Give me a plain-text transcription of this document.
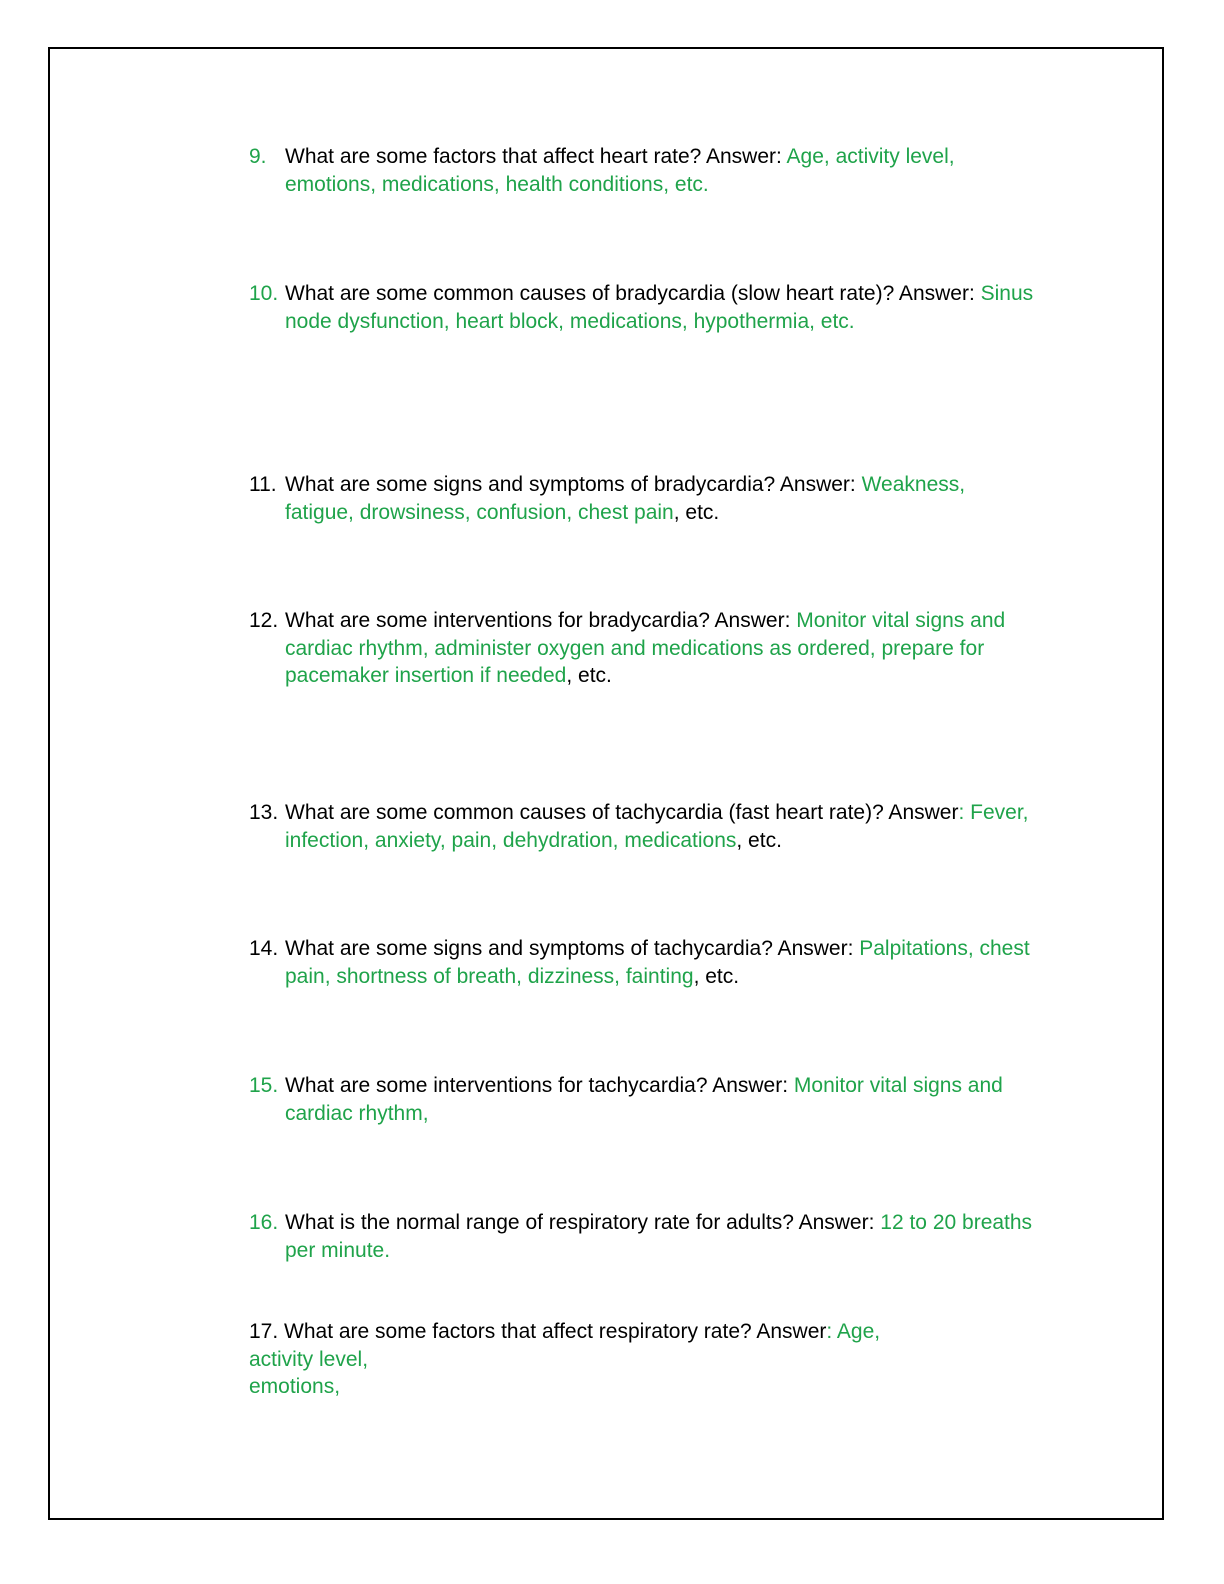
9. What are some factors that affect heart rate? Answer: Age, activity level, emotions, medications, health conditions, etc.
10. What are some common causes of bradycardia (slow heart rate)? Answer: Sinus node dysfunction, heart block, medications, hypothermia, etc.
11. What are some signs and symptoms of bradycardia? Answer: Weakness, fatigue, drowsiness, confusion, chest pain, etc.
12. What are some interventions for bradycardia? Answer: Monitor vital signs and cardiac rhythm, administer oxygen and medications as ordered, prepare for pacemaker insertion if needed, etc.
13. What are some common causes of tachycardia (fast heart rate)? Answer: Fever, infection, anxiety, pain, dehydration, medications, etc.
14. What are some signs and symptoms of tachycardia? Answer: Palpitations, chest pain, shortness of breath, dizziness, fainting, etc.
15. What are some interventions for tachycardia? Answer: Monitor vital signs and cardiac rhythm,
16. What is the normal range of respiratory rate for adults? Answer: 12 to 20 breaths per minute.
17. What are some factors that affect respiratory rate? Answer: Age,
activity level,
emotions,
